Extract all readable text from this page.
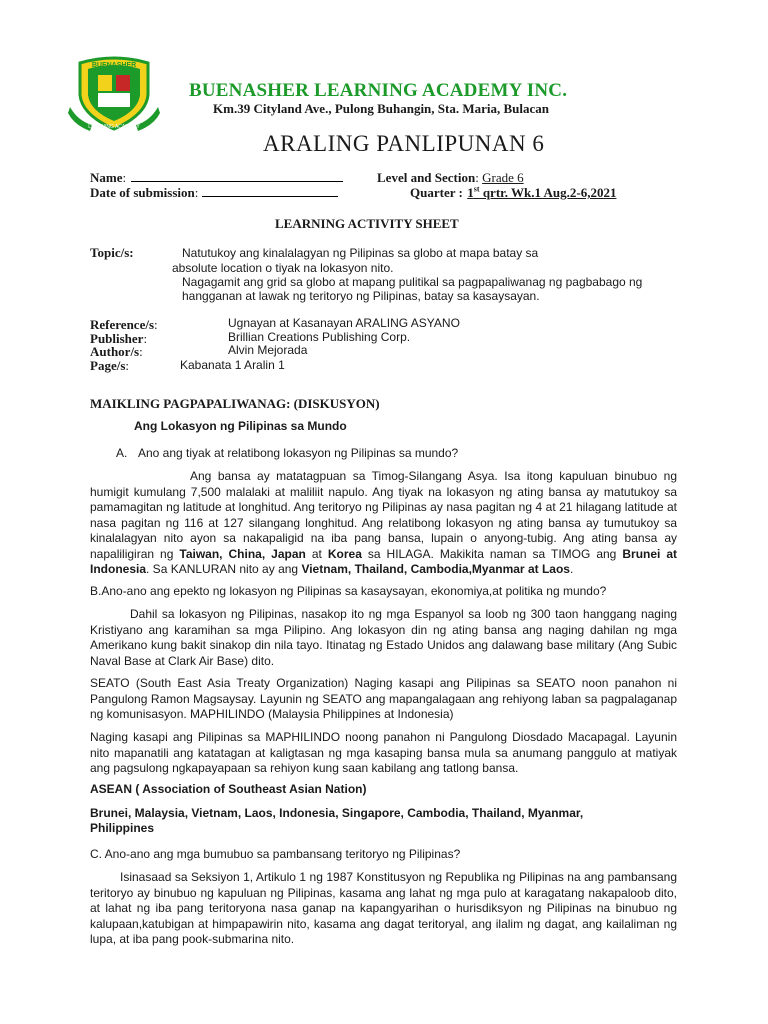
BUENASHER
LEARNING ACADEMY
BUENASHER LEARNING ACADEMY INC.
Km.39 Cityland Ave., Pulong Buhangin, Sta. Maria, Bulacan
ARALING PANLIPUNAN 6
Name:	Level and Section: Grade 6
Date of submission:	Quarter : 1st qrtr. Wk.1 Aug.2-6,2021
LEARNING ACTIVITY SHEET
Topic/s:	Natutukoy ang kinalalagyan ng Pilipinas sa globo at mapa batay sa
absolute location o tiyak na lokasyon nito.
Nagagamit ang grid sa globo at mapang pulitikal sa pagpapaliwanag ng pagbabago ng
hangganan at lawak ng teritoryo ng Pilipinas, batay sa kasaysayan.
Reference/s:	Ugnayan at Kasanayan ARALING ASYANO
Publisher:	Brillian Creations Publishing Corp.
Author/s:	Alvin Mejorada
Page/s:	Kabanata 1 Aralin 1
MAIKLING PAGPAPALIWANAG: (DISKUSYON)
Ang Lokasyon ng Pilipinas sa Mundo
A. Ano ang tiyak at relatibong lokasyon ng Pilipinas sa mundo?
Ang bansa ay matatagpuan sa Timog-Silangang Asya. Isa itong kapuluan binubuo ng humigit kumulang 7,500 malalaki at maliliit napulo. Ang tiyak na lokasyon ng ating bansa ay matutukoy sa pamamagitan ng latitude at longhitud. Ang teritoryo ng Pilipinas ay nasa pagitan ng 4 at 21 hilagang latitude at nasa pagitan ng 116 at 127 silangang longhitud. Ang relatibong lokasyon ng ating bansa ay tumutukoy sa kinalalagyan nito ayon sa nakapaligid na iba pang bansa, lupain o anyong-tubig. Ang ating bansa ay napaliligiran ng Taiwan, China, Japan at Korea sa HILAGA. Makikita naman sa TIMOG ang Brunei at Indonesia. Sa KANLURAN nito ay ang Vietnam, Thailand, Cambodia,Myanmar at Laos.
B.Ano-ano ang epekto ng lokasyon ng Pilipinas sa kasaysayan, ekonomiya,at politika ng mundo?
Dahil sa lokasyon ng Pilipinas, nasakop ito ng mga Espanyol sa loob ng 300 taon hanggang naging Kristiyano ang karamihan sa mga Pilipino. Ang lokasyon din ng ating bansa ang naging dahilan ng mga Amerikano kung bakit sinakop din nila tayo. Itinatag ng Estado Unidos ang dalawang base military (Ang Subic Naval Base at Clark Air Base) dito.
SEATO (South East Asia Treaty Organization) Naging kasapi ang Pilipinas sa SEATO noon panahon ni Pangulong Ramon Magsaysay. Layunin ng SEATO ang mapangalagaan ang rehiyong laban sa pagpalaganap ng komunisasyon. MAPHILINDO (Malaysia Philippines at Indonesia)
Naging kasapi ang Pilipinas sa MAPHILINDO noong panahon ni Pangulong Diosdado Macapagal. Layunin nito mapanatili ang katatagan at kaligtasan ng mga kasaping bansa mula sa anumang panggulo at matiyak ang pagsulong ngkapayapaan sa rehiyon kung saan kabilang ang tatlong bansa.
ASEAN ( Association of Southeast Asian Nation)
Brunei, Malaysia, Vietnam, Laos, Indonesia, Singapore, Cambodia, Thailand, Myanmar, Philippines
C. Ano-ano ang mga bumubuo sa pambansang teritoryo ng Pilipinas?
Isinasaad sa Seksiyon 1, Artikulo 1 ng 1987 Konstitusyon ng Republika ng Pilipinas na ang pambansang teritoryo ay binubuo ng kapuluan ng Pilipinas, kasama ang lahat ng mga pulo at karagatang nakapaloob dito, at lahat ng iba pang teritoryona nasa ganap na kapangyarihan o hurisdiksyon ng Pilipinas na binubuo ng kalupaan,katubigan at himpapawirin nito, kasama ang dagat teritoryal, ang ilalim ng dagat, ang kailaliman ng lupa, at iba pang pook-submarina nito.
